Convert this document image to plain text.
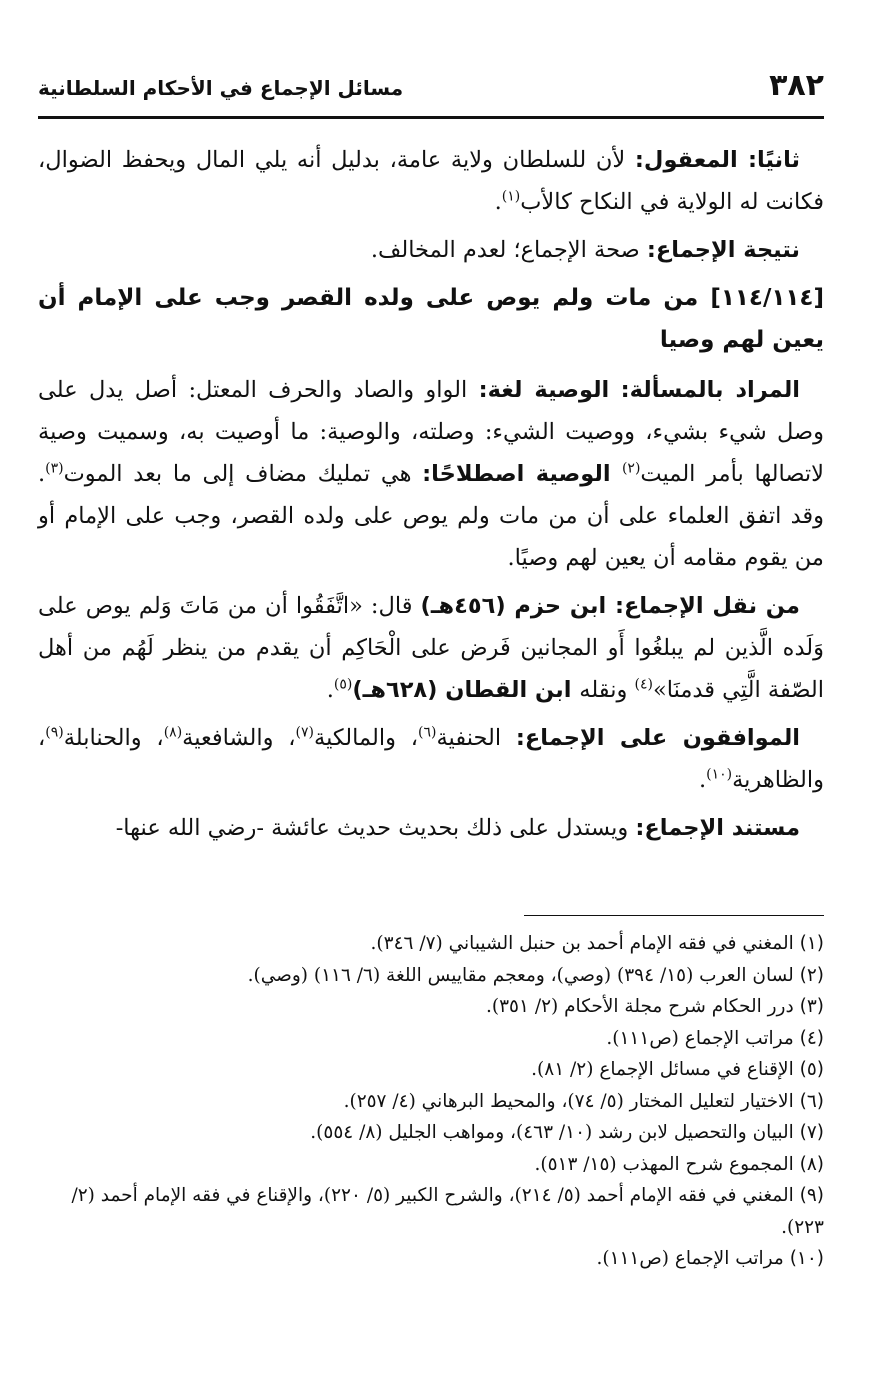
٣٨٢
مسائل الإجماع في الأحكام السلطانية

ثانيًا: المعقول: لأن للسلطان ولاية عامة، بدليل أنه يلي المال ويحفظ الضوال، فكانت له الولاية في النكاح كالأب$^{(١)}$.

نتيجة الإجماع: صحة الإجماع؛ لعدم المخالف.

[١١٤/١١٤] من مات ولم يوص على ولده القصر وجب على الإمام أن يعين لهم وصيا

المراد بالمسألة: الوصية لغة: الواو والصاد والحرف المعتل: أصل يدل على وصل شيء بشيء، ووصيت الشيء: وصلته، والوصية: ما أوصيت به، وسميت وصية لاتصالها بأمر الميت$^{(٢)}$ الوصية اصطلاحًا: هي تمليك مضاف إلى ما بعد الموت$^{(٣)}$. وقد اتفق العلماء على أن من مات ولم يوص على ولده القصر، وجب على الإمام أو من يقوم مقامه أن يعين لهم وصيًا.

من نقل الإجماع: ابن حزم (٤٥٦هـ) قال: «اتَّفَقُوا أن من مَاتَ وَلم يوص على وَلَده الَّذين لم يبلغُوا أَو المجانين فَرض على الْحَاكِم أن يقدم من ينظر لَهُم من أهل الصّفة الَّتِي قدمنَا»$^{(٤)}$ ونقله ابن القطان (٦٢٨هـ)$^{(٥)}$.

الموافقون على الإجماع: الحنفية$^{(٦)}$، والمالكية$^{(٧)}$، والشافعية$^{(٨)}$، والحنابلة$^{(٩)}$، والظاهرية$^{(١٠)}$.

مستند الإجماع: ويستدل على ذلك بحديث حديث عائشة -رضي الله عنها-

(١) المغني في فقه الإمام أحمد بن حنبل الشيباني (٧/ ٣٤٦).

(٢) لسان العرب (١٥/ ٣٩٤) (وصي)، ومعجم مقاييس اللغة (٦/ ١١٦) (وصي).

(٣) درر الحكام شرح مجلة الأحكام (٢/ ٣٥١).

(٤) مراتب الإجماع (ص١١١).

(٥) الإقناع في مسائل الإجماع (٢/ ٨١).

(٦) الاختيار لتعليل المختار (٥/ ٧٤)، والمحيط البرهاني (٤/ ٢٥٧).

(٧) البيان والتحصيل لابن رشد (١٠/ ٤٦٣)، ومواهب الجليل (٨/ ٥٥٤).

(٨) المجموع شرح المهذب (١٥/ ٥١٣).

(٩) المغني في فقه الإمام أحمد (٥/ ٢١٤)، والشرح الكبير (٥/ ٢٢٠)، والإقناع في فقه الإمام أحمد (٢/ ٢٢٣).

(١٠) مراتب الإجماع (ص١١١).
